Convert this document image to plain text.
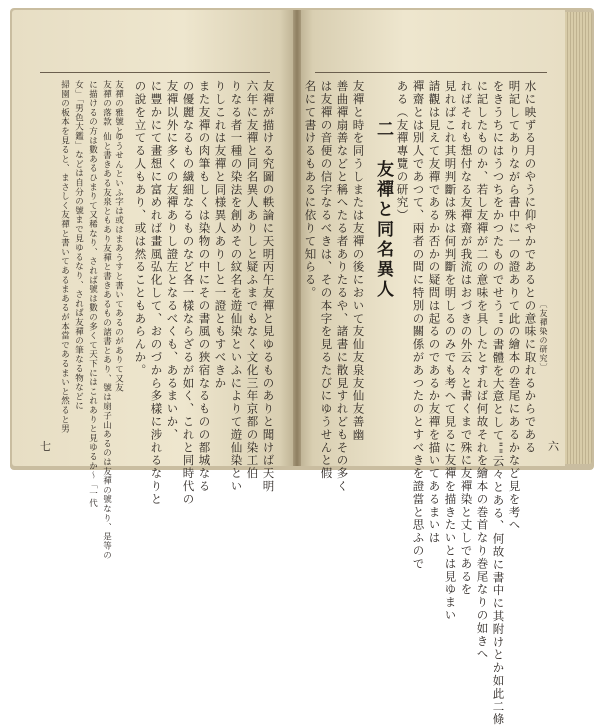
〔友禪染の研究〕
水に映ずる月のやうに仰やかであるとの意味に取れるからである
明記してありながら書中に一の證ありて此の繪本の巻尾にあるかなど見を考へ
をきうちにはうつちをかつたものでせう""の書體を大意として""云々とある、何故に書中に其附けとか如此二條
に記したものか、若し友禪が二の意味を具したとすれば何故それを繪本の巻首なり巻尾なりの如きへ
ればそれも想付なる友禪齋が我流はおづきの外云々と書くまで殊に友禪染と丈しであるを
見ればこれ其明判斷は殊は何判斷を明しるのみでも考へて見るに友禪を描きたいとは見ゆまい
請觀は見えて友禪であるか否かの疑問は起るのであるか友禪を描いてあるまいは
禪齋とは別人であつて、兩者の間に特別の關係があつたのとすべきを證當と思ふので
ある（友禪專覽の研究）
二　友禪と同名異人
友禪と時を同うしまたは友禪の後において友仙友泉友仙友善幽
善曲禪扇善などと稱へたる者ありたるや、諸書に散見すれどもその多く
は友禪の音便の信字なるべきは、その本字を見るたびにゆうせんと假
名にて書けるもあるに依りて知らる。
六
友禪が描ける究圖の軼論に天明丙午友禪と見ゆるものありと聞けば天明
六年に友禪と同名異人ありしと疑ふまでもなく文化三年京都の染工伯
りなる者一種の染法を創めその紋名を遊仙染といふによりて遊仙染とい
りしこれは友禪と同様異人ありしと一證ともすべきか
また友禪の肉筆もしくは染物の中にその書風の狹宿なるものの都城なる
の優麗なるもの繊細なるものなど各一樣ならざるが如く、これと同時代の
友禪以外に多くの友禪ありし證左となるべくも、あるまいか、
に豐かにて畫想に富めれば畫風弘化して、おのづから多樣に涉れるなりと
の說を立てる人もあり、或は然ることもあらんか。
友禪の雅號と
ゆうせんといふ字は或はまあうすと書いてあるのがありて又友
友禪の落款
仙と書きある友泉ともあり友禪と書きあるもの諸書とあり、號は扇子山あるのは友禪の號なり、是等の
に描けるの方は數あるひまりて又稀なり、されば號は數の多くて天下にはこれありと見ゆるか〜「一代
女」「男色大鑑」などは自分の號まで見ゆるなり、されば友禪の筆なる物などに
掃園の板本を見ると、まさしく友禪と書いてあるまあるが本當であるまいと然ると男
七
